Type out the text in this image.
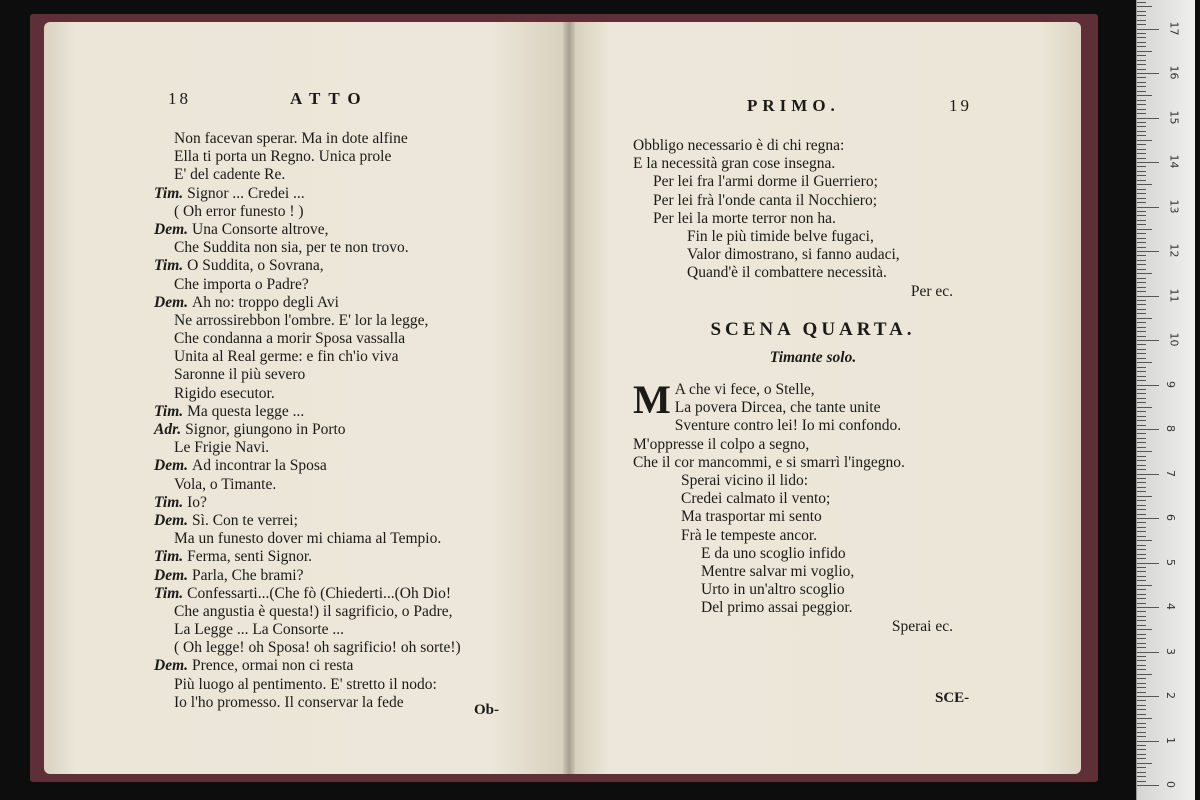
18	ATTO
Non facevan sperar. Ma in dote alfine
Ella ti porta un Regno. Unica prole
E' del cadente Re.
Tim. Signor ... Credei ...
( Oh error funesto ! )
Dem. Una Consorte altrove,
Che Suddita non sia, per te non trovo.
Tim. O Suddita, o Sovrana,
Che importa o Padre?
Dem. Ah no: troppo degli Avi
Ne arrossirebbon l'ombre. E' lor la legge,
Che condanna a morir Sposa vassalla
Unita al Real germe: e fin ch'io viva
Saronne il più severo
Rigido esecutor.
Tim. Ma questa legge ...
Adr. Signor, giungono in Porto
Le Frigie Navi.
Dem. Ad incontrar la Sposa
Vola, o Timante.
Tim. Io?
Dem. Sì. Con te verrei;
Ma un funesto dover mi chiama al Tempio.
Tim. Ferma, senti Signor.
Dem. Parla, Che brami?
Tim. Confessarti...(Che fò (Chiederti...(Oh Dio!
Che angustia è questa!) il sagrificio, o Padre,
La Legge ... La Consorte ...
( Oh legge! oh Sposa! oh sagrificio! oh sorte!)
Dem. Prence, ormai non ci resta
Più luogo al pentimento. E' stretto il nodo:
Io l'ho promesso. Il conservar la fede	Ob-
PRIMO.	19
Obbligo necessario è di chi regna:
E la necessità gran cose insegna.
Per lei fra l'armi dorme il Guerriero;
Per lei frà l'onde canta il Nocchiero;
Per lei la morte terror non ha.
Fin le più timide belve fugaci,
Valor dimostrano, si fanno audaci,
Quand'è il combattere necessità.
Per ec.
SCENA QUARTA.
Timante solo.
M A che vi fece, o Stelle,
La povera Dircea, che tante unite
Sventure contro lei! Io mi confondo.
M'oppresse il colpo a segno,
Che il cor mancommi, e si smarrì l'ingegno.
Sperai vicino il lido:
Credei calmato il vento;
Ma trasportar mi sento
Frà le tempeste ancor.
E da uno scoglio infido
Mentre salvar mi voglio,
Urto in un'altro scoglio
Del primo assai peggior.
Sperai ec.
SCE-
0
1
2
3
4
5
6
7
8
9
10
11
12
13
14
15
16
17
